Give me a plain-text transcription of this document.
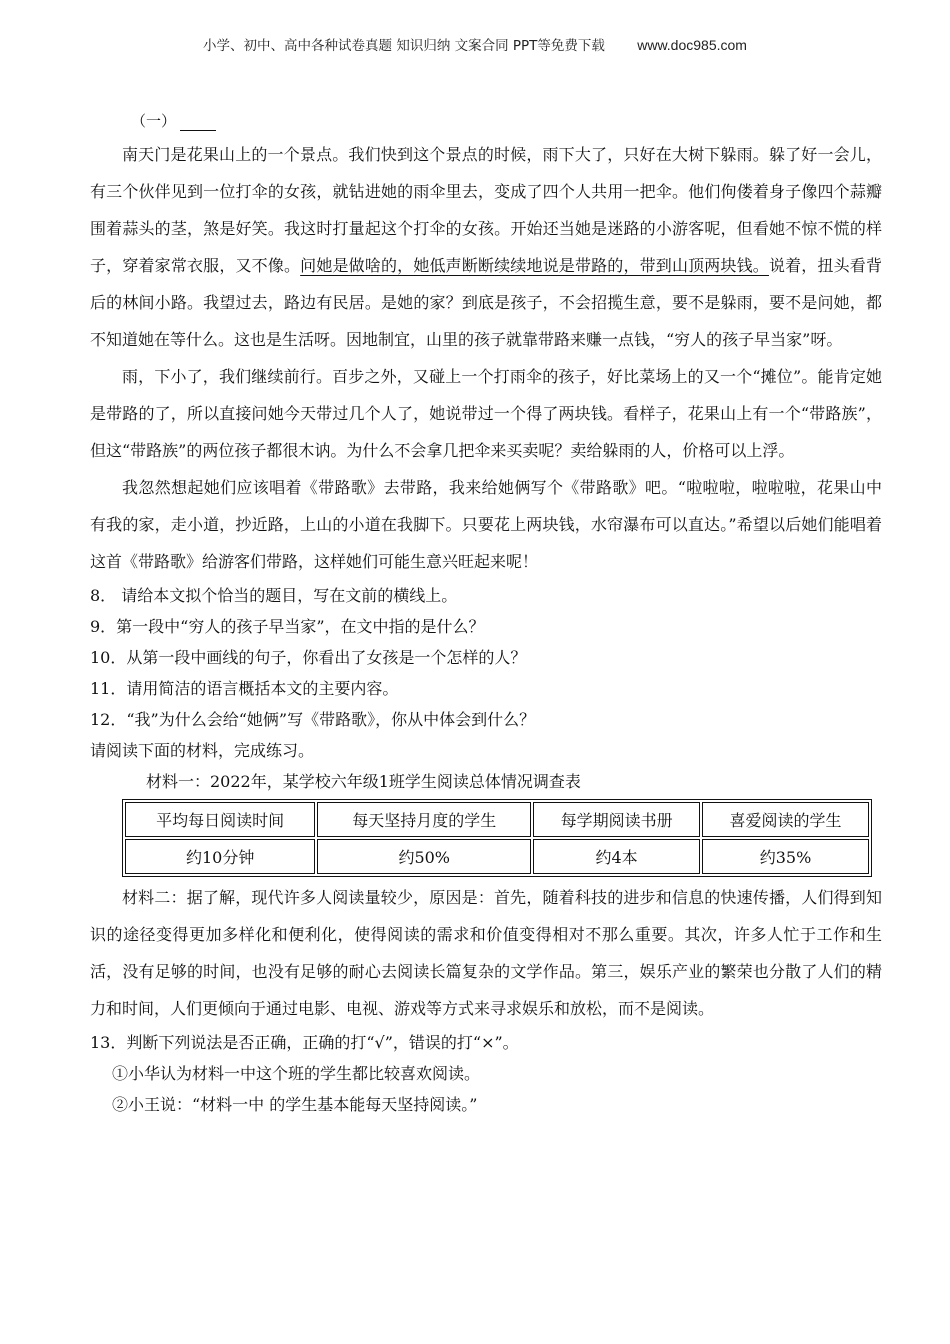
小学、初中、高中各种试卷真题 知识归纳 文案合同 PPT等免费下载 www.doc985.com
（一）

南天门是花果山上的一个景点。我们快到这个景点的时候，雨下大了，只好在大树下躲雨。躲了好一会儿，有三个伙伴见到一位打伞的女孩，就钻进她的雨伞里去，变成了四个人共用一把伞。他们佝偻着身子像四个蒜瓣围着蒜头的茎，煞是好笑。我这时打量起这个打伞的女孩。开始还当她是迷路的小游客呢，但看她不惊不慌的样子，穿着家常衣服，又不像。问她是做啥的，她低声断断续续地说是带路的，带到山顶两块钱。说着，扭头看背后的林间小路。我望过去，路边有民居。是她的家？到底是孩子，不会招揽生意，要不是躲雨，要不是问她，都不知道她在等什么。这也是生活呀。因地制宜，山里的孩子就靠带路来赚一点钱，“穷人的孩子早当家”呀。

雨，下小了，我们继续前行。百步之外，又碰上一个打雨伞的孩子，好比菜场上的又一个“摊位”。能肯定她是带路的了，所以直接问她今天带过几个人了，她说带过一个得了两块钱。看样子，花果山上有一个“带路族”，但这“带路族”的两位孩子都很木讷。为什么不会拿几把伞来买卖呢？卖给躲雨的人，价格可以上浮。

我忽然想起她们应该唱着《带路歌》去带路，我来给她俩写个《带路歌》吧。“啦啦啦，啦啦啦，花果山中有我的家，走小道，抄近路，上山的小道在我脚下。只要花上两块钱，水帘瀑布可以直达。”希望以后她们能唱着这首《带路歌》给游客们带路，这样她们可能生意兴旺起来呢！

8． 请给本文拟个恰当的题目，写在文前的横线上。

9．第一段中“穷人的孩子早当家”，在文中指的是什么？

10．从第一段中画线的句子，你看出了女孩是一个怎样的人？

11．请用简洁的语言概括本文的主要内容。

12．“我”为什么会给“她俩”写《带路歌》，你从中体会到什么？

请阅读下面的材料，完成练习。

材料一：2022年，某学校六年级1班学生阅读总体情况调查表
平均每日阅读时间	每天坚持月度的学生	每学期阅读书册	喜爱阅读的学生
约10分钟	约50%	约4本	约35%

材料二：据了解，现代许多人阅读量较少，原因是：首先，随着科技的进步和信息的快速传播，人们得到知识的途径变得更加多样化和便利化，使得阅读的需求和价值变得相对不那么重要。其次，许多人忙于工作和生活，没有足够的时间，也没有足够的耐心去阅读长篇复杂的文学作品。第三，娱乐产业的繁荣也分散了人们的精力和时间，人们更倾向于通过电影、电视、游戏等方式来寻求娱乐和放松，而不是阅读。

13．判断下列说法是否正确，正确的打“√”，错误的打“×”。

①小华认为材料一中这个班的学生都比较喜欢阅读。

②小王说：“材料一中 的学生基本能每天坚持阅读。”
